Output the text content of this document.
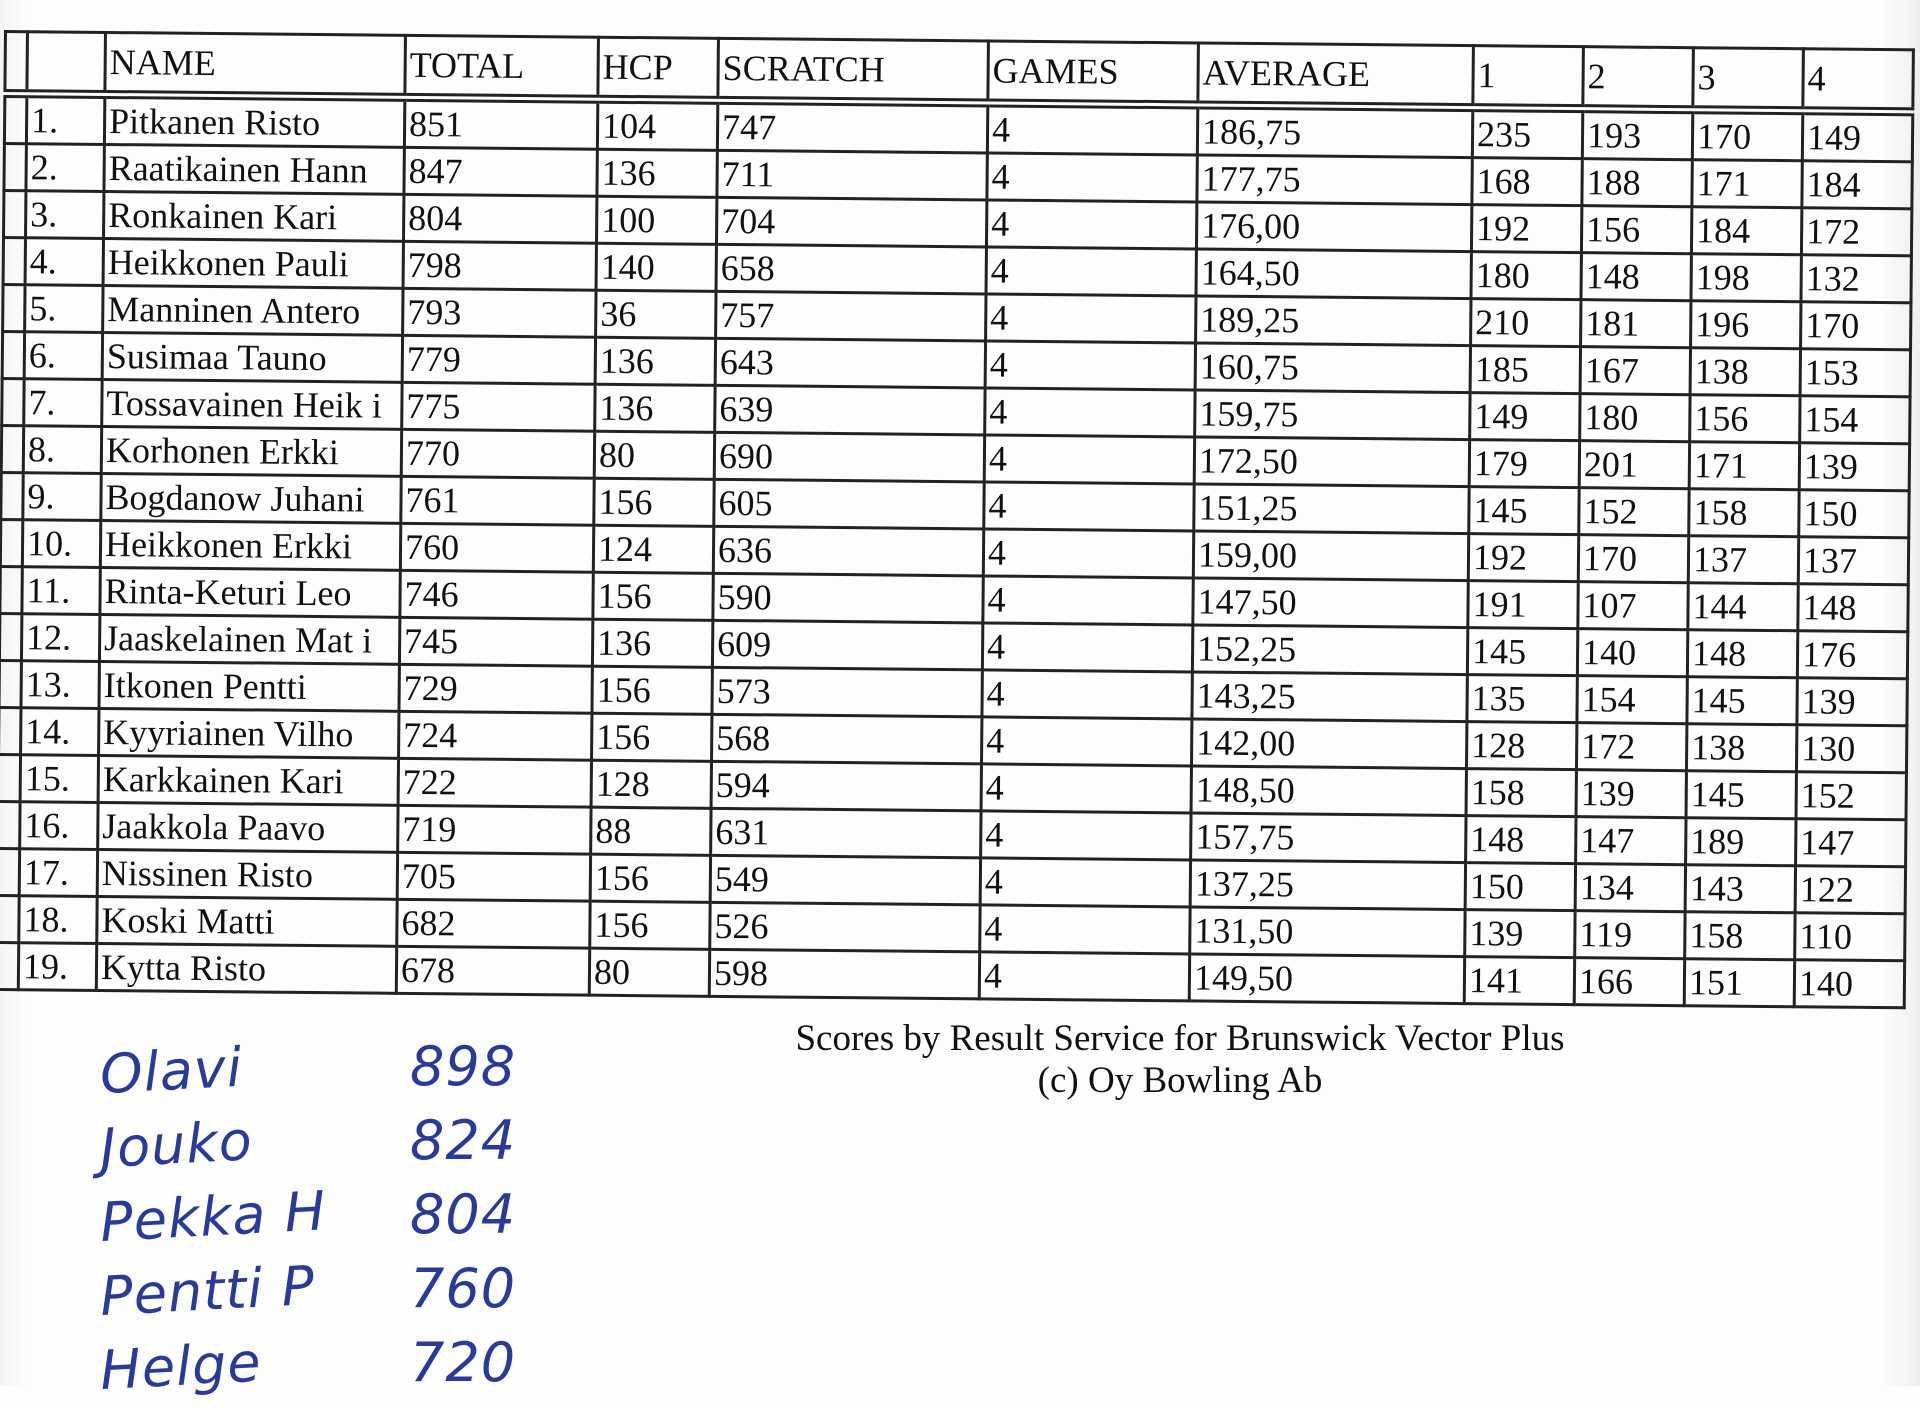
		NAME	TOTAL	HCP	SCRATCH	GAMES	AVERAGE	1	2	3	4
	1.	Pitkanen Risto	851	104	747	4	186,75	235	193	170	149
	2.	Raatikainen Hann	847	136	711	4	177,75	168	188	171	184
	3.	Ronkainen Kari	804	100	704	4	176,00	192	156	184	172
	4.	Heikkonen Pauli	798	140	658	4	164,50	180	148	198	132
	5.	Manninen Antero	793	36	757	4	189,25	210	181	196	170
	6.	Susimaa Tauno	779	136	643	4	160,75	185	167	138	153
	7.	Tossavainen Heik i	775	136	639	4	159,75	149	180	156	154
	8.	Korhonen Erkki	770	80	690	4	172,50	179	201	171	139
	9.	Bogdanow Juhani	761	156	605	4	151,25	145	152	158	150
	10.	Heikkonen Erkki	760	124	636	4	159,00	192	170	137	137
	11.	Rinta-Keturi Leo	746	156	590	4	147,50	191	107	144	148
	12.	Jaaskelainen Mat i	745	136	609	4	152,25	145	140	148	176
	13.	Itkonen Pentti	729	156	573	4	143,25	135	154	145	139
	14.	Kyyriainen Vilho	724	156	568	4	142,00	128	172	138	130
	15.	Karkkainen Kari	722	128	594	4	148,50	158	139	145	152
	16.	Jaakkola Paavo	719	88	631	4	157,75	148	147	189	147
	17.	Nissinen Risto	705	156	549	4	137,25	150	134	143	122
	18.	Koski Matti	682	156	526	4	131,50	139	119	158	110
	19.	Kytta Risto	678	80	598	4	149,50	141	166	151	140
Scores by Result Service for Brunswick Vector Plus
(c) Oy Bowling Ab
Olavi	898
Jouko	824
Pekka H	804
Pentti P	760
Helge	720
